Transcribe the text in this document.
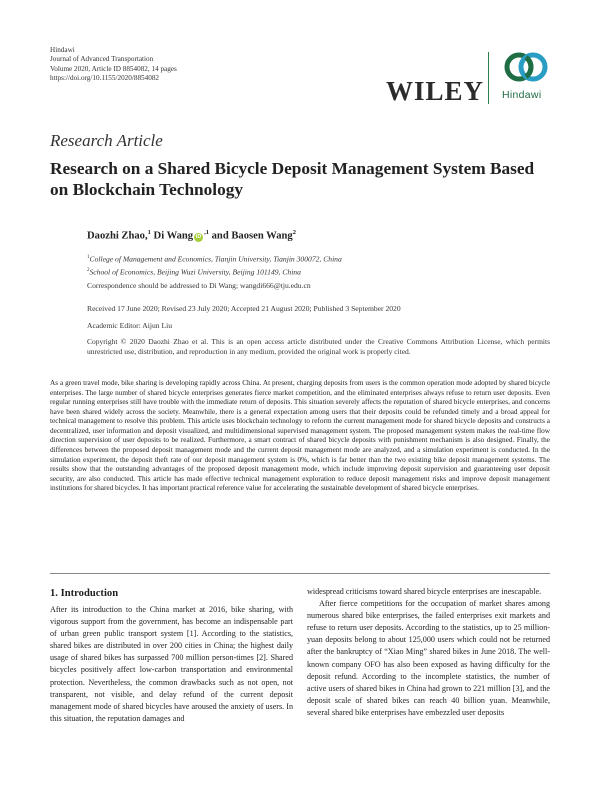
Hindawi
Journal of Advanced Transportation
Volume 2020, Article ID 8854082, 14 pages
https://doi.org/10.1155/2020/8854082	WILEY Hindawi
Research Article
Research on a Shared Bicycle Deposit Management System Based on Blockchain Technology
Daozhi Zhao,$^1$ Di Wang $iD^{,1}$ and Baosen Wang$^2$
$^1$College of Management and Economics, Tianjin University, Tianjin 300072, China
$^2$School of Economics, Beijing Wuzi University, Beijing 101149, China
Correspondence should be addressed to Di Wang; wangdi666@tju.edu.cn
Received 17 June 2020; Revised 23 July 2020; Accepted 21 August 2020; Published 3 September 2020
Academic Editor: Aijun Liu
Copyright © 2020 Daozhi Zhao et al. This is an open access article distributed under the Creative Commons Attribution License, which permits unrestricted use, distribution, and reproduction in any medium, provided the original work is properly cited.
As a green travel mode, bike sharing is developing rapidly across China. At present, charging deposits from users is the common operation mode adopted by shared bicycle enterprises. The large number of shared bicycle enterprises generates fierce market competition, and the eliminated enterprises always refuse to return user deposits. Even regular running enterprises still have trouble with the immediate return of deposits. This situation severely affects the reputation of shared bicycle enterprises, and concerns have been shared widely across the society. Meanwhile, there is a general expectation among users that their deposits could be refunded timely and a broad appeal for technical management to resolve this problem. This article uses blockchain technology to reform the current management mode for shared bicycle deposits and constructs a decentralized, user information and deposit visualized, and multidimensional supervised management system. The proposed management system makes the real-time flow direction supervision of user deposits to be realized. Furthermore, a smart contract of shared bicycle deposits with punishment mechanism is also designed. Finally, the differences between the proposed deposit management mode and the current deposit management mode are analyzed, and a simulation experiment is conducted. In the simulation experiment, the deposit theft rate of our deposit management system is 0%, which is far better than the two existing bike deposit management systems. The results show that the outstanding advantages of the proposed deposit management mode, which include improving deposit supervision and guaranteeing user deposit security, are also conducted. This article has made effective technical management exploration to reduce deposit management risks and improve deposit management institutions for shared bicycles. It has important practical reference value for accelerating the sustainable development of shared bicycle enterprises.
1. Introduction

After its introduction to the China market at 2016, bike sharing, with vigorous support from the government, has become an indispensable part of urban green public transport system [1]. According to the statistics, shared bikes are distributed in over 200 cities in China; the highest daily usage of shared bikes has surpassed 700 million person-times [2]. Shared bicycles positively affect low-carbon transportation and environmental protection. Nevertheless, the common drawbacks such as not open, not transparent, not visible, and delay refund of the current deposit management mode of shared bicycles have aroused the anxiety of users. In this situation, the reputation damages and

widespread criticisms toward shared bicycle enterprises are inescapable.

After fierce competitions for the occupation of market shares among numerous shared bike enterprises, the failed enterprises exit markets and refuse to return user deposits. According to the statistics, up to 25 million-yuan deposits belong to about 125,000 users which could not be returned after the bankruptcy of “Xiao Ming” shared bikes in June 2018. The well-known company OFO has also been exposed as having difficulty for the deposit refund. According to the incomplete statistics, the number of active users of shared bikes in China had grown to 221 million [3], and the deposit scale of shared bikes can reach 40 billion yuan. Meanwhile, several shared bike enterprises have embezzled user deposits
